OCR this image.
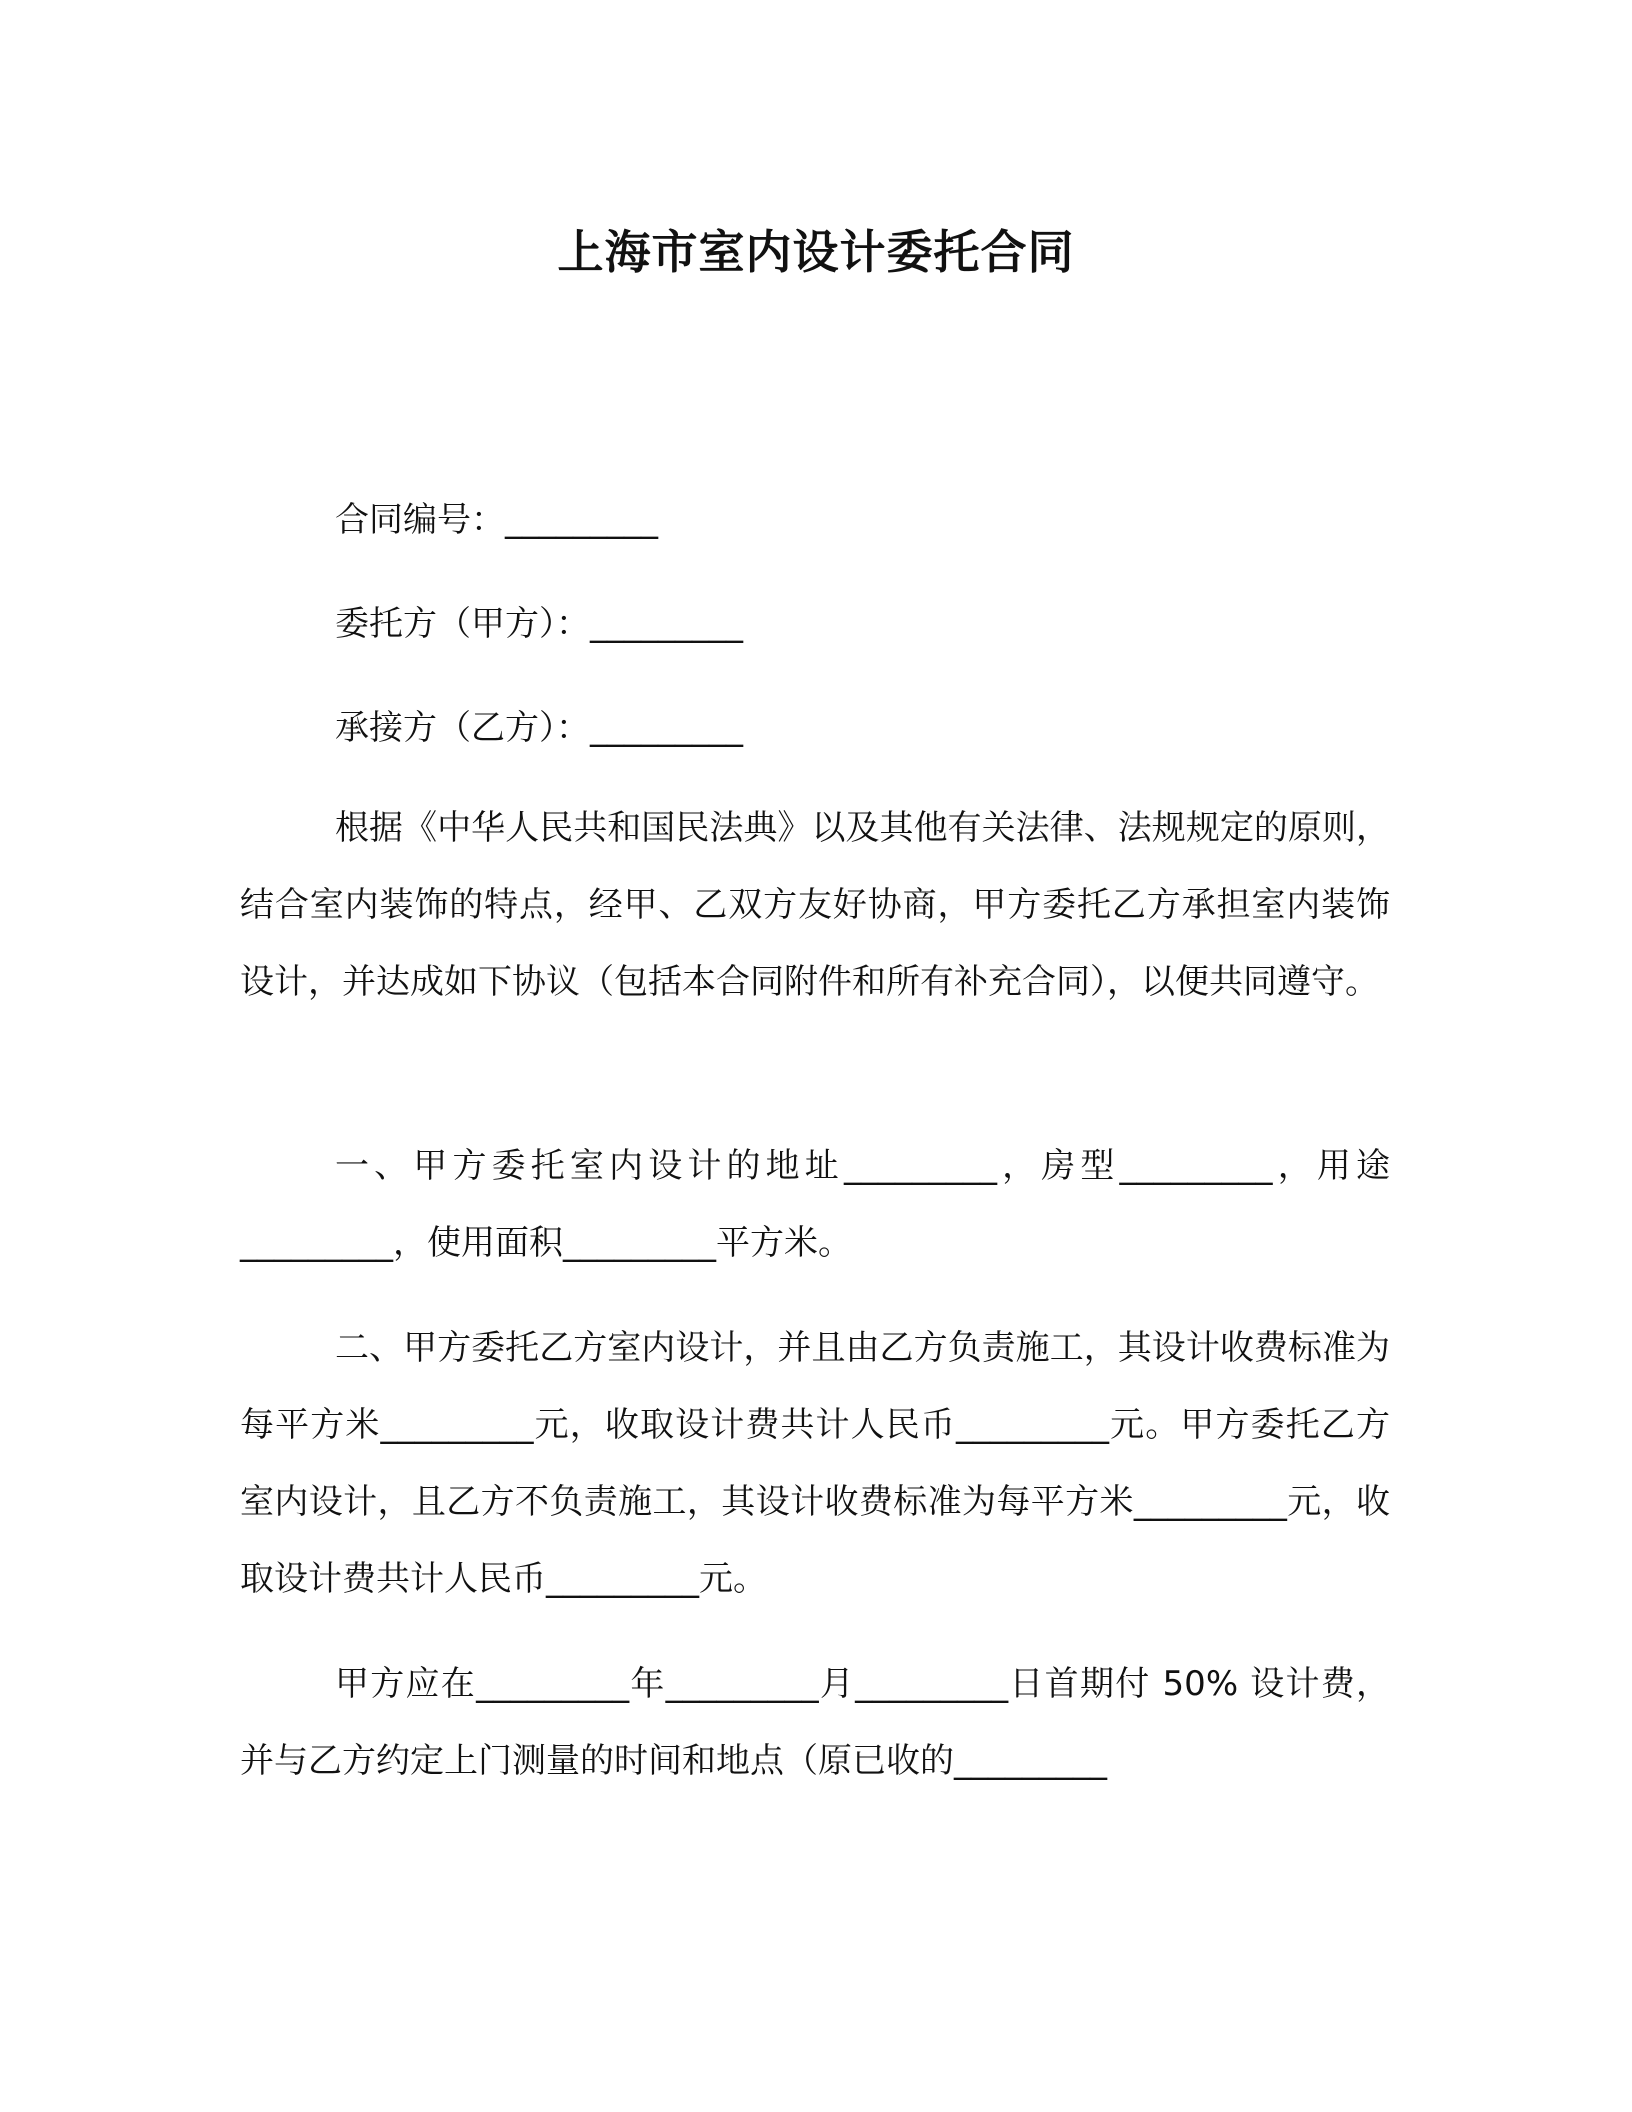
上海市室内设计委托合同
合同编号：_________
委托方（甲方）：_________
承接方（乙方）：_________
根据《中华人民共和国民法典》以及其他有关法律、法规规定的原则，结合室内装饰的特点，经甲、乙双方友好协商，甲方委托乙方承担室内装饰设计，并达成如下协议（包括本合同附件和所有补充合同），以便共同遵守。
一、甲方委托室内设计的地址_________，房型_________，用途_________，使用面积_________平方米。
二、甲方委托乙方室内设计，并且由乙方负责施工，其设计收费标准为每平方米_________元，收取设计费共计人民币_________元。甲方委托乙方室内设计，且乙方不负责施工，其设计收费标准为每平方米_________元，收取设计费共计人民币_________元。
甲方应在_________年_________月_________日首期付 50% 设计费，并与乙方约定上门测量的时间和地点（原已收的_________
